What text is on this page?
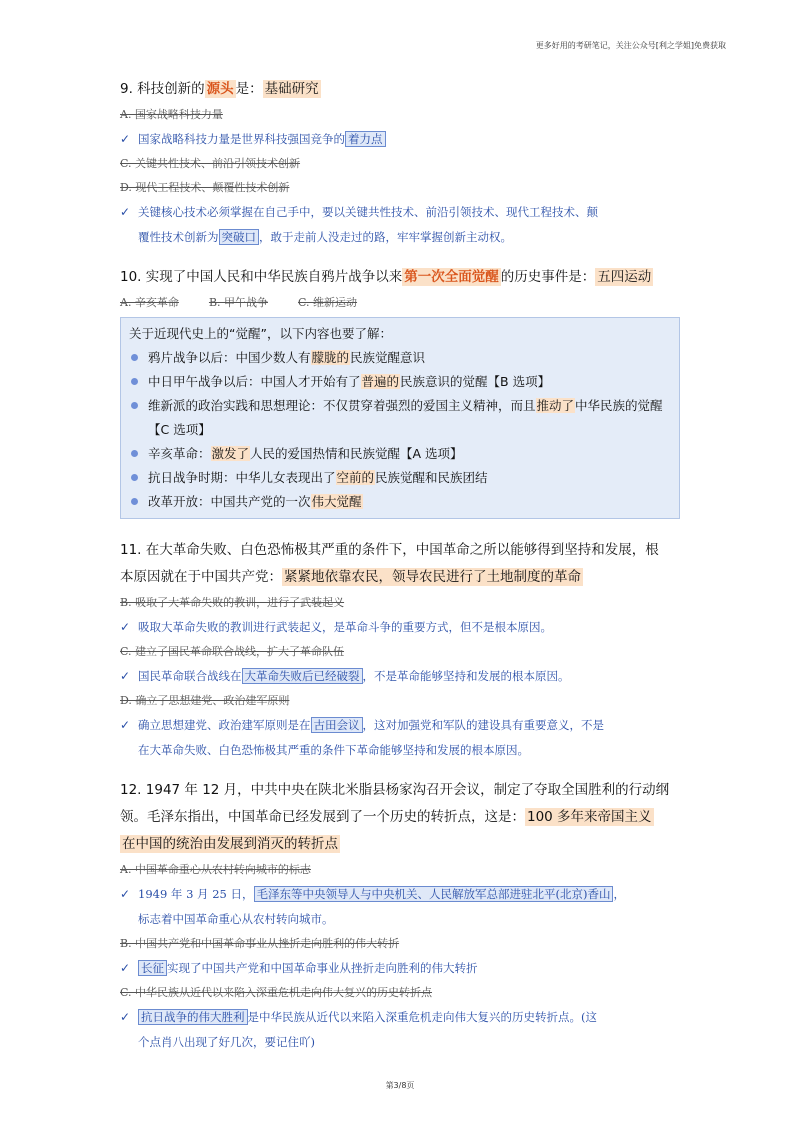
更多好用的考研笔记，关注公众号[利之学姐]免费获取
9. 科技创新的 源头 是： 基础研究
A. 国家战略科技力量
✓ 国家战略科技力量是世界科技强国竞争的 着力点
C. 关键共性技术、前沿引领技术创新
D. 现代工程技术、颠覆性技术创新
✓ 关键核心技术必须掌握在自己手中，要以关键共性技术、前沿引领技术、现代工程技术、颠
覆性技术创新为 突破口 ，敢于走前人没走过的路，牢牢掌握创新主动权。
10. 实现了中国人民和中华民族自鸦片战争以来 第一次全面觉醒 的历史事件是： 五四运动
A. 辛亥革命	B. 甲午战争	C. 维新运动
关于近现代史上的“觉醒”，以下内容也要了解：
鸦片战争以后：中国少数人有朦胧的民族觉醒意识
中日甲午战争以后：中国人才开始有了普遍的民族意识的觉醒【B 选项】
维新派的政治实践和思想理论：不仅贯穿着强烈的爱国主义精神，而且推动了中华民族的觉醒【C 选项】
辛亥革命：激发了人民的爱国热情和民族觉醒【A 选项】
抗日战争时期：中华儿女表现出了空前的民族觉醒和民族团结
改革开放：中国共产党的一次伟大觉醒
11. 在大革命失败、白色恐怖极其严重的条件下，中国革命之所以能够得到坚持和发展，根
本原因就在于中国共产党： 紧紧地依靠农民，领导农民进行了土地制度的革命
B. 吸取了大革命失败的教训，进行了武装起义
✓ 吸取大革命失败的教训进行武装起义，是革命斗争的重要方式，但不是根本原因。
C. 建立了国民革命联合战线，扩大了革命队伍
✓ 国民革命联合战线在 大革命失败后已经破裂 ，不是革命能够坚持和发展的根本原因。
D. 确立了思想建党、政治建军原则
✓ 确立思想建党、政治建军原则是在 古田会议 ，这对加强党和军队的建设具有重要意义，不是
在大革命失败、白色恐怖极其严重的条件下革命能够坚持和发展的根本原因。
12. 1947 年 12 月，中共中央在陕北米脂县杨家沟召开会议，制定了夺取全国胜利的行动纲
领。毛泽东指出，中国革命已经发展到了一个历史的转折点，这是： 100 多年来帝国主义
在中国的统治由发展到消灭的转折点
A. 中国革命重心从农村转向城市的标志
✓ 1949 年 3 月 25 日， 毛泽东等中央领导人与中央机关、人民解放军总部进驻北平(北京)香山 ，
标志着中国革命重心从农村转向城市。
B. 中国共产党和中国革命事业从挫折走向胜利的伟大转折
✓ 长征 实现了中国共产党和中国革命事业从挫折走向胜利的伟大转折
C. 中华民族从近代以来陷入深重危机走向伟大复兴的历史转折点
✓ 抗日战争的伟大胜利 是中华民族从近代以来陷入深重危机走向伟大复兴的历史转折点。(这
个点肖八出现了好几次，要记住吖)
第3/8页
